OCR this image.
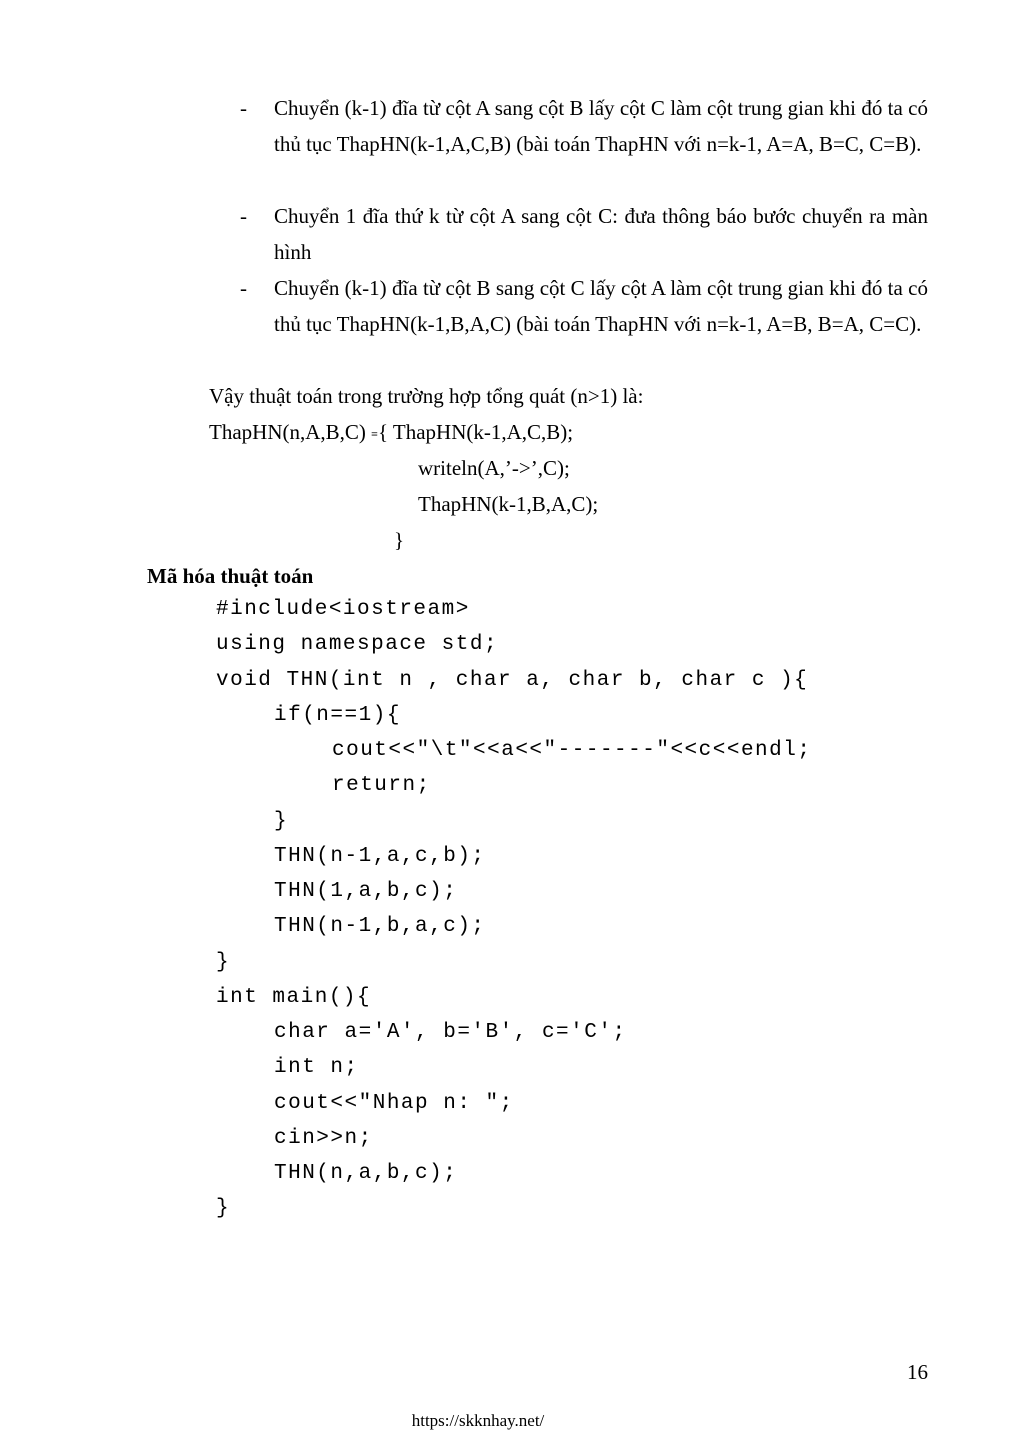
- Chuyển (k-1) đĩa từ cột A sang cột B lấy cột C làm cột trung gian khi đó ta có thủ tục ThapHN(k-1,A,C,B) (bài toán ThapHN với n=k-1, A=A, B=C, C=B).
- Chuyển 1 đĩa thứ k từ cột A sang cột C: đưa thông báo bước chuyển ra màn hình
- Chuyển (k-1) đĩa từ cột B sang cột C lấy cột A làm cột trung gian khi đó ta có thủ tục ThapHN(k-1,B,A,C) (bài toán ThapHN với n=k-1, A=B, B=A, C=C).
Vậy thuật toán trong trường hợp tổng quát (n>1) là:
ThapHN(n,A,B,C) ≡{ ThapHN(k-1,A,C,B);
writeln(A,’->’,C);
ThapHN(k-1,B,A,C);
}
Mã hóa thuật toán
#include<iostream>
using namespace std;
void THN(int n , char a, char b, char c ){
if(n==1){
cout<<"\t"<<a<<"-------"<<c<<endl;
return;
}
THN(n-1,a,c,b);
THN(1,a,b,c);
THN(n-1,b,a,c);
}
int main(){
char a='A', b='B', c='C';
int n;
cout<<"Nhap n: ";
cin>>n;
THN(n,a,b,c);
}
16
https://skknhay.net/
